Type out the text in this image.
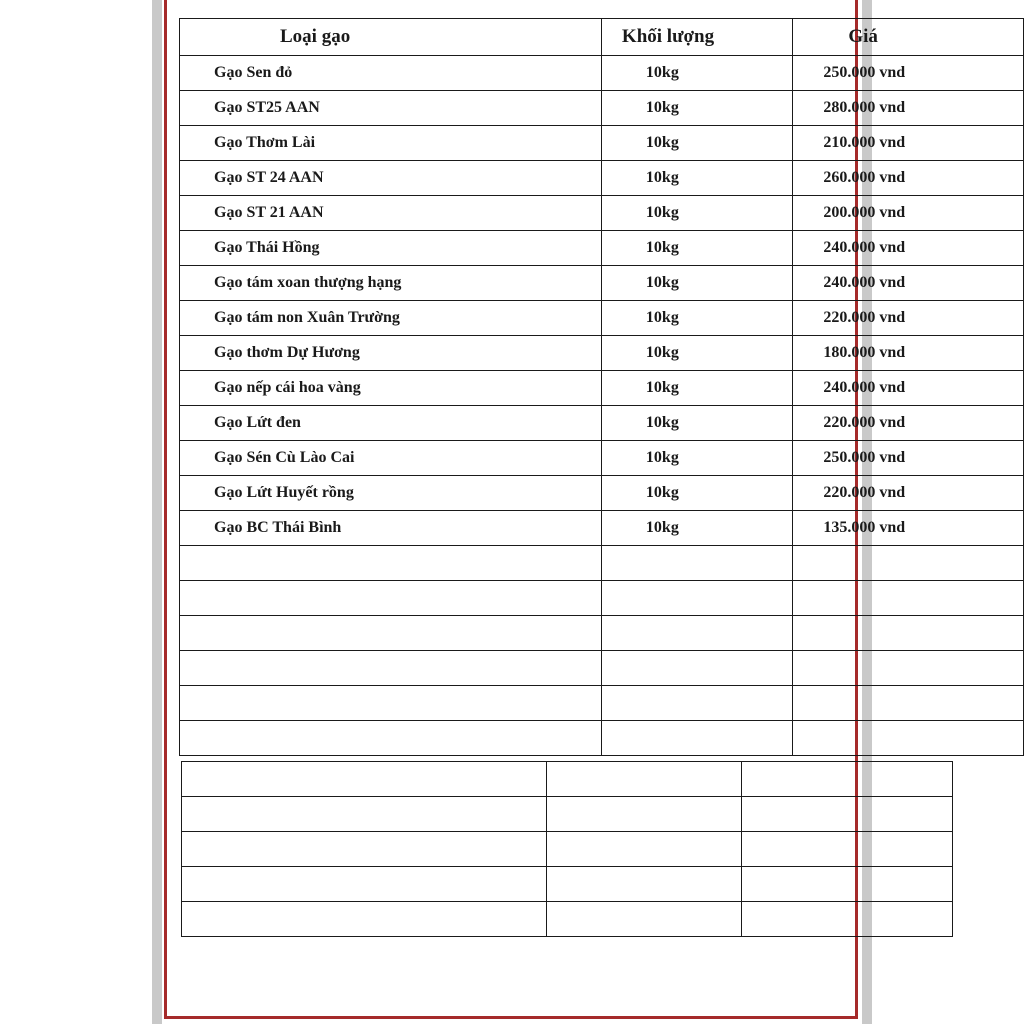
Loại gạo	Khối lượng	Giá
Gạo Sen đỏ	10kg	250.000 vnd
Gạo ST25 AAN	10kg	280.000 vnd
Gạo Thơm Lài	10kg	210.000 vnd
Gạo ST 24 AAN	10kg	260.000 vnd
Gạo ST 21 AAN	10kg	200.000 vnd
Gạo Thái Hồng	10kg	240.000 vnd
Gạo tám xoan thượng hạng	10kg	240.000 vnd
Gạo tám non Xuân Trường	10kg	220.000 vnd
Gạo thơm Dự Hương	10kg	180.000 vnd
Gạo nếp cái hoa vàng	10kg	240.000 vnd
Gạo Lứt đen	10kg	220.000 vnd
Gạo Sén Cù Lào Cai	10kg	250.000 vnd
Gạo Lứt Huyết rồng	10kg	220.000 vnd
Gạo BC Thái Bình	10kg	135.000 vnd
